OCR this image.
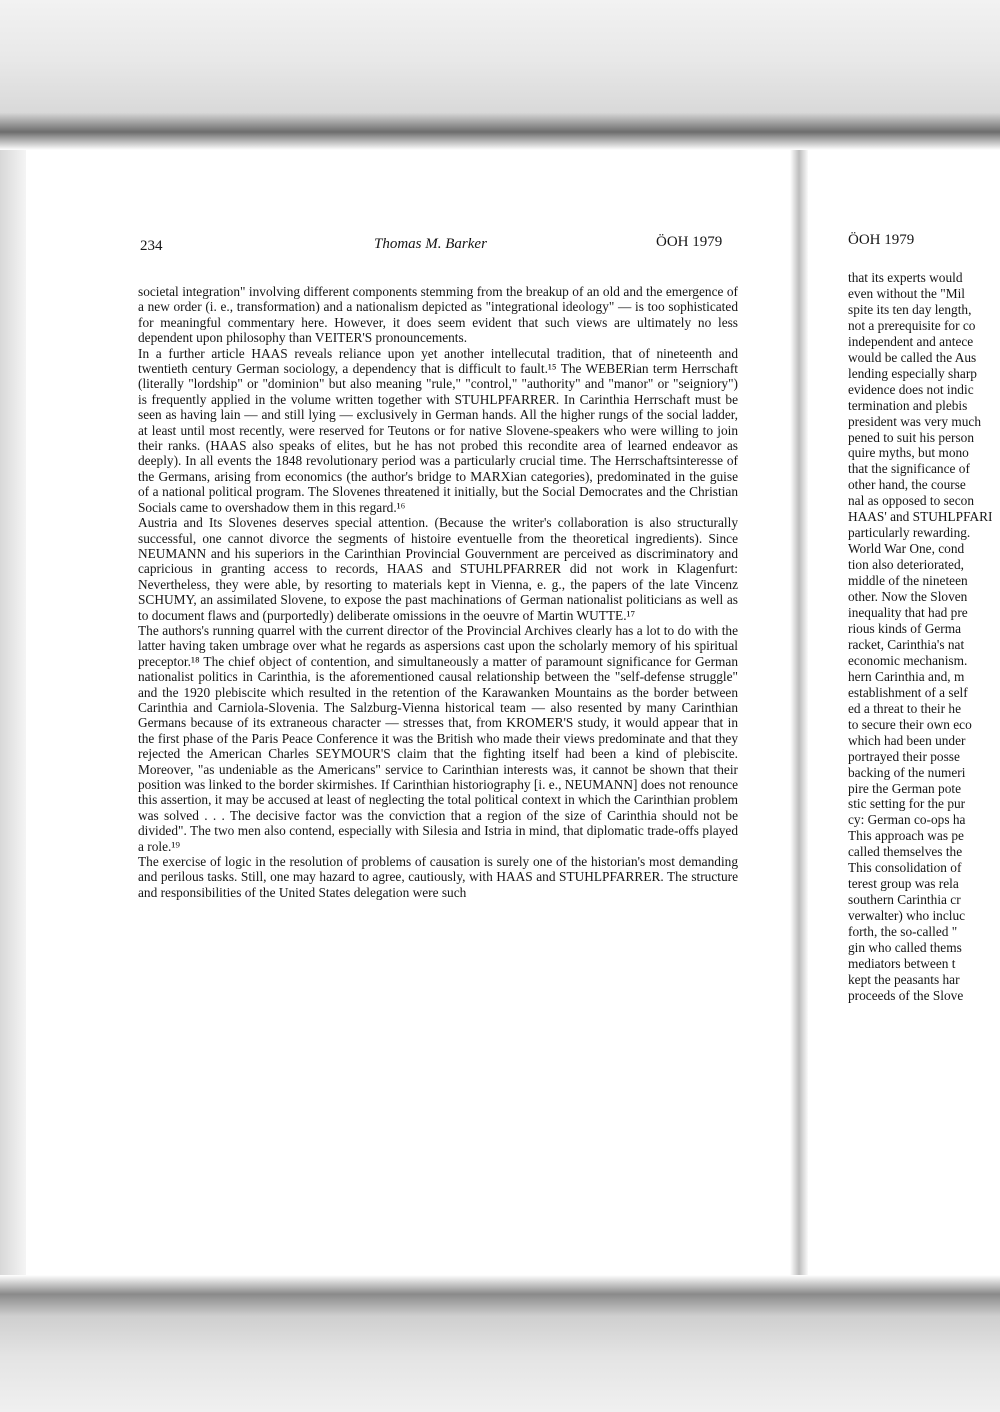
234	Thomas M. Barker	ÖOH 1979

societal integration" involving different components stemming from the breakup of an old and the emergence of a new order (i. e., transformation) and a nationalism depicted as "integrational ideology" — is too sophisticated for meaningful commentary here. However, it does seem evident that such views are ultimately no less dependent upon philosophy than VEITER'S pronouncements.

In a further article HAAS reveals reliance upon yet another intellecutal tradition, that of nineteenth and twentieth century German sociology, a dependency that is difficult to fault.¹⁵ The WEBERian term Herrschaft (literally "lordship" or "dominion" but also meaning "rule," "control," "authority" and "manor" or "seigniory") is frequently applied in the volume written together with STUHLPFARRER. In Carinthia Herrschaft must be seen as having lain — and still lying — exclusively in German hands. All the higher rungs of the social ladder, at least until most recently, were reserved for Teutons or for native Slovene-speakers who were willing to join their ranks. (HAAS also speaks of elites, but he has not probed this recondite area of learned endeavor as deeply). In all events the 1848 revolutionary period was a particularly crucial time. The Herrschaftsinteresse of the Germans, arising from economics (the author's bridge to MARXian categories), predominated in the guise of a national political program. The Slovenes threatened it initially, but the Social Democrates and the Christian Socials came to overshadow them in this regard.¹⁶

Austria and Its Slovenes deserves special attention. (Because the writer's collaboration is also structurally successful, one cannot divorce the segments of histoire eventuelle from the theoretical ingredients). Since NEUMANN and his superiors in the Carinthian Provincial Gouvernment are perceived as discriminatory and capricious in granting access to records, HAAS and STUHLPFARRER did not work in Klagenfurt: Nevertheless, they were able, by resorting to materials kept in Vienna, e. g., the papers of the late Vincenz SCHUMY, an assimilated Slovene, to expose the past machinations of German nationalist politicians as well as to document flaws and (purportedly) deliberate omissions in the oeuvre of Martin WUTTE.¹⁷

The authors's running quarrel with the current director of the Provincial Archives clearly has a lot to do with the latter having taken umbrage over what he regards as aspersions cast upon the scholarly memory of his spiritual preceptor.¹⁸ The chief object of contention, and simultaneously a matter of paramount significance for German nationalist politics in Carinthia, is the aforementioned causal relationship between the "self-defense struggle" and the 1920 plebiscite which resulted in the retention of the Karawanken Mountains as the border between Carinthia and Carniola-Slovenia. The Salzburg-Vienna historical team — also resented by many Carinthian Germans because of its extraneous character — stresses that, from KROMER'S study, it would appear that in the first phase of the Paris Peace Conference it was the British who made their views predominate and that they rejected the American Charles SEYMOUR'S claim that the fighting itself had been a kind of plebiscite. Moreover, "as undeniable as the Americans" service to Carinthian interests was, it cannot be shown that their position was linked to the border skirmishes. If Carinthian historiography [i. e., NEUMANN] does not renounce this assertion, it may be accused at least of neglecting the total political context in which the Carinthian problem was solved . . . The decisive factor was the conviction that a region of the size of Carinthia should not be divided". The two men also contend, especially with Silesia and Istria in mind, that diplomatic trade-offs played a role.¹⁹

The exercise of logic in the resolution of problems of causation is surely one of the historian's most demanding and perilous tasks. Still, one may hazard to agree, cautiously, with HAAS and STUHLPFARRER. The structure and responsibilities of the United States delegation were such

ÖOH 1979
that its experts would
even without the "Mil
spite its ten day length,
not a prerequisite for co
independent and antece
would be called the Aus
lending especially sharp
evidence does not indic
termination and plebis
president was very much
pened to suit his person
quire myths, but mono
that the significance of
other hand, the course
nal as opposed to secon
HAAS' and STUHLPFARI
particularly rewarding.
World War One, cond
tion also deteriorated,
middle of the nineteen
other. Now the Sloven
inequality that had pre
rious kinds of Germa
racket, Carinthia's nat
economic mechanism.
hern Carinthia and, m
establishment of a self
ed a threat to their he
to secure their own eco
which had been under
portrayed their posse
backing of the numeri
pire the German pote
stic setting for the pur
cy: German co-ops ha
This approach was pe
called themselves the
This consolidation of
terest group was rela
southern Carinthia cr
verwalter) who incluc
forth, the so-called "
gin who called thems
mediators between t
kept the peasants har
proceeds of the Slove
